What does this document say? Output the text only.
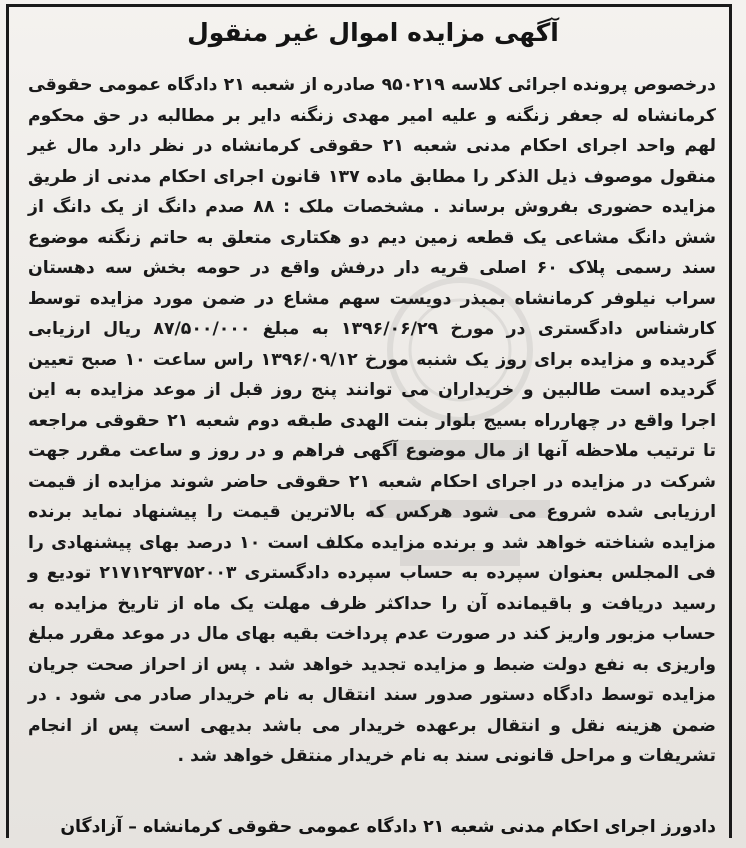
آگهی مزایده اموال غیر منقول
درخصوص پرونده اجرائی کلاسه ۹۵۰۲۱۹ صادره از شعبه ۲۱ دادگاه عمومی حقوقی کرمانشاه له جعفر زنگنه و علیه امیر مهدی زنگنه دایر بر مطالبه در حق محکوم لهم واحد اجرای احکام مدنی شعبه ۲۱ حقوقی کرمانشاه در نظر دارد مال غیر منقول موصوف ذیل الذکر را مطابق ماده ۱۳۷ قانون اجرای احکام مدنی از طریق مزایده حضوری بفروش برساند . مشخصات ملک : ۸۸ صدم دانگ از یک دانگ از شش دانگ مشاعی یک قطعه زمین دیم دو هکتاری متعلق به حاتم زنگنه موضوع سند رسمی پلاک ۶۰ اصلی قریه دار درفش واقع در حومه بخش سه دهستان سراب نیلوفر کرمانشاه بمبذر دویست سهم مشاع در ضمن مورد مزایده توسط کارشناس دادگستری در مورخ ۱۳۹۶/۰۶/۲۹ به مبلغ ۸۷/۵۰۰/۰۰۰ ریال ارزیابی گردیده و مزایده برای روز یک شنبه مورخ ۱۳۹۶/۰۹/۱۲ راس ساعت ۱۰ صبح تعیین گردیده است طالبین و خریداران می توانند پنج روز قبل از موعد مزایده به این اجرا واقع در چهارراه بسیج بلوار بنت الهدی طبقه دوم شعبه ۲۱ حقوقی مراجعه تا ترتیب ملاحظه آنها از مال موضوع آگهی فراهم و در روز و ساعت مقرر جهت شرکت در مزایده در اجرای احکام شعبه ۲۱ حقوقی حاضر شوند مزایده از قیمت ارزیابی شده شروع می شود هرکس که بالاترین قیمت را پیشنهاد نماید برنده مزایده شناخته خواهد شد و برنده مزایده مکلف است ۱۰ درصد بهای پیشنهادی را فی المجلس بعنوان سپرده به حساب سپرده دادگستری ۲۱۷۱۲۹۳۷۵۲۰۰۳ تودیع و رسید دریافت و باقیمانده آن را حداکثر ظرف مهلت یک ماه از تاریخ مزایده به حساب مزبور واریز کند در صورت عدم پرداخت بقیه بهای مال در موعد مقرر مبلغ واریزی به نفع دولت ضبط و مزایده تجدید خواهد شد . پس از احراز صحت جریان مزایده توسط دادگاه دستور صدور سند انتقال به نام خریدار صادر می شود . در ضمن هزینه نقل و انتقال برعهده خریدار می باشد بدیهی است پس از انجام تشریفات و مراحل قانونی سند به نام خریدار منتقل خواهد شد .
دادورز اجرای احکام مدنی شعبه ۲۱ دادگاه عمومی حقوقی کرمانشاه – آزادگان
